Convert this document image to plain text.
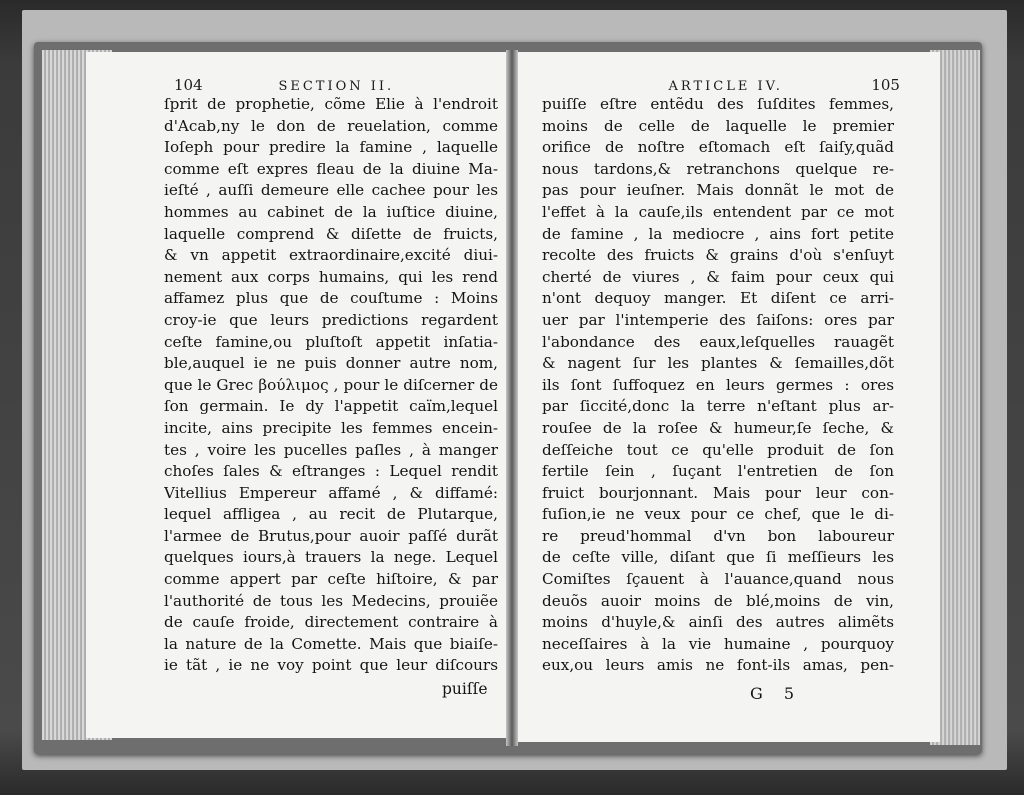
104	SECTION II.
ſprit de prophetie, cõme Elie à l'endroit
d'Acab,ny le don de reuelation, comme
Ioſeph pour predire la famine , laquelle
comme eſt expres fleau de la diuine Ma-
ieſté , auſſi demeure elle cachee pour les
hommes au cabinet de la iuſtice diuine,
laquelle comprend & diſette de fruicts,
& vn appetit extraordinaire,excité diui-
nement aux corps humains, qui les rend
affamez plus que de couſtume : Moins
croy-ie que leurs predictions regardent
ceſte famine,ou pluſtoſt appetit inſatia-
ble,auquel ie ne puis donner autre nom,
que le Grec βούλιμος , pour le diſcerner de
ſon germain. Ie dy l'appetit caïm,lequel
incite, ains precipite les femmes encein-
tes , voire les pucelles paſles , à manger
choſes ſales & eſtranges : Lequel rendit
Vitellius Empereur affamé , & diffamé:
lequel affligea , au recit de Plutarque,
l'armee de Brutus,pour auoir paſſé durãt
quelques iours,à trauers la nege. Lequel
comme appert par ceſte hiſtoire, & par
l'authorité de tous les Medecins, prouiẽe
de cauſe froide, directement contraire à
la nature de la Comette. Mais que biaiſe-
ie tãt , ie ne voy point que leur diſcours
puiſſe
ARTICLE IV.	105
puiſſe eſtre entẽdu des ſuſdites femmes,
moins de celle de laquelle le premier
orifice de noſtre eſtomach eſt ſaiſy,quãd
nous tardons,& retranchons quelque re-
pas pour ieuſner. Mais donnãt le mot de
l'effet à la cauſe,ils entendent par ce mot
de famine , la mediocre , ains fort petite
recolte des fruicts & grains d'où s'enſuyt
cherté de viures , & faim pour ceux qui
n'ont dequoy manger. Et diſent ce arri-
uer par l'intemperie des ſaiſons: ores par
l'abondance des eaux,leſquelles rauagẽt
& nagent ſur les plantes & ſemailles,dõt
ils ſont ſuffoquez en leurs germes : ores
par ſiccité,donc la terre n'eſtant plus ar-
rouſee de la roſee & humeur,ſe ſeche, &
deſſeiche tout ce qu'elle produit de ſon
fertile ſein , ſuçant l'entretien de ſon
fruict bourjonnant. Mais pour leur con-
fuſion,ie ne veux pour ce chef, que le di-
re preud'hommal d'vn bon laboureur
de ceſte ville, diſant que ſi meſſieurs les
Comiſtes ſçauent à l'auance,quand nous
deuõs auoir moins de blé,moins de vin,
moins d'huyle,& ainſi des autres alimẽts
neceſſaires à la vie humaine , pourquoy
eux,ou leurs amis ne font-ils amas, pen-
G 5
